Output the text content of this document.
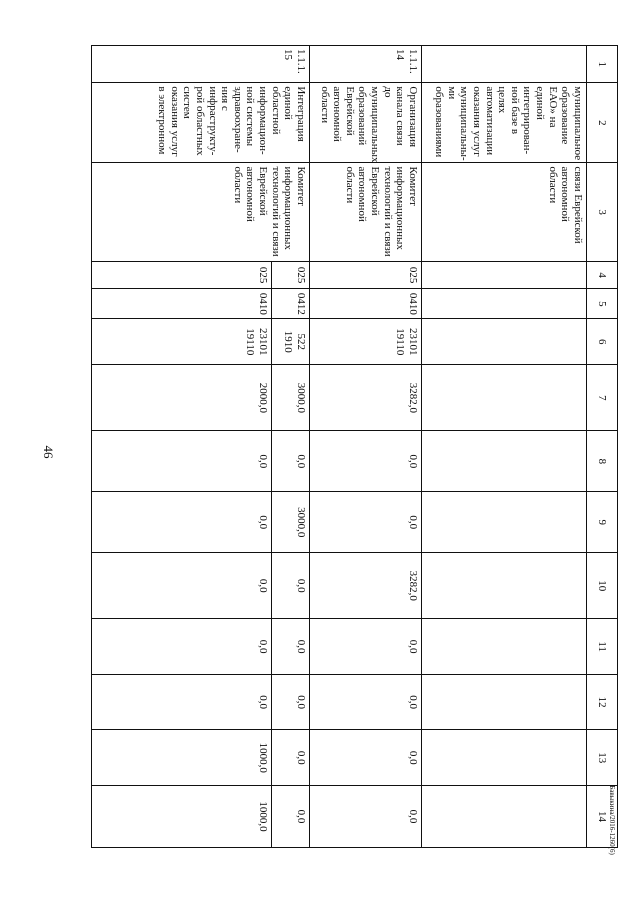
46
Бавыкина/2016-1260(6)
1	2	3	4	5	6	7	8	9	10	11	12	13	14
	муниципальное образование ЕАО» на единой интегрирован-ной базе в целях автоматизации оказания услуг муниципальны-ми образованиями	связи Еврейской автономной области											
1.1.1. 14	Организация канала связи до муниципальных образований Еврейской автономной области	Комитет информационных технологий и связи Еврейской автономной области	025	0410	23101 19110	3282,0	0,0	0,0	3282,0	0,0	0,0	0,0	0,0
1.1.1. 15	Интеграция единой областной информацион-ной системы здравоохране-ния с инфраструкту-рой областных систем оказания услуг в электронном	Комитет информационных технологий и связи Еврейской автономной области	025	0412	522 1910	3000,0	0,0	3000,0	0,0	0,0	0,0	0,0	0,0
			025	0410	23101 19110	2000,0	0,0	0,0	0,0	0,0	0,0	1000,0	1000,0
